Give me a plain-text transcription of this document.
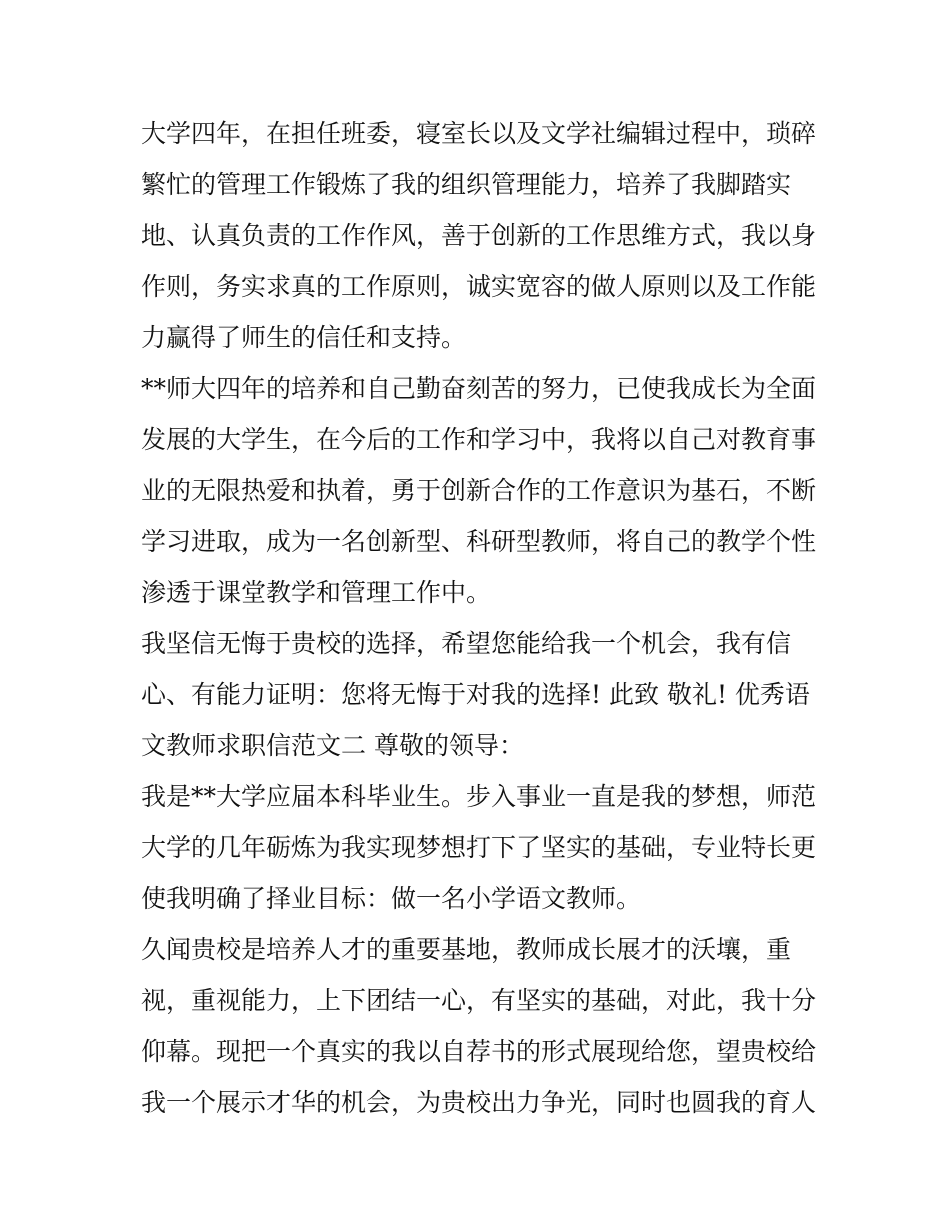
大学四年，在担任班委，寝室长以及文学社编辑过程中，琐碎
繁忙的管理工作锻炼了我的组织管理能力，培养了我脚踏实
地、认真负责的工作作风，善于创新的工作思维方式，我以身
作则，务实求真的工作原则，诚实宽容的做人原则以及工作能
力赢得了师生的信任和支持。
**师大四年的培养和自己勤奋刻苦的努力，已使我成长为全面
发展的大学生，在今后的工作和学习中，我将以自己对教育事
业的无限热爱和执着，勇于创新合作的工作意识为基石，不断
学习进取，成为一名创新型、科研型教师，将自己的教学个性
渗透于课堂教学和管理工作中。
我坚信无悔于贵校的选择，希望您能给我一个机会，我有信
心、有能力证明：您将无悔于对我的选择! 此致 敬礼! 优秀语
文教师求职信范文二 尊敬的领导：
我是**大学应届本科毕业生。步入事业一直是我的梦想，师范
大学的几年砺炼为我实现梦想打下了坚实的基础，专业特长更
使我明确了择业目标：做一名小学语文教师。
久闻贵校是培养人才的重要基地，教师成长展才的沃壤，重
视，重视能力，上下团结一心，有坚实的基础，对此，我十分
仰幕。现把一个真实的我以自荐书的形式展现给您，望贵校给
我一个展示才华的机会，为贵校出力争光，同时也圆我的育人
